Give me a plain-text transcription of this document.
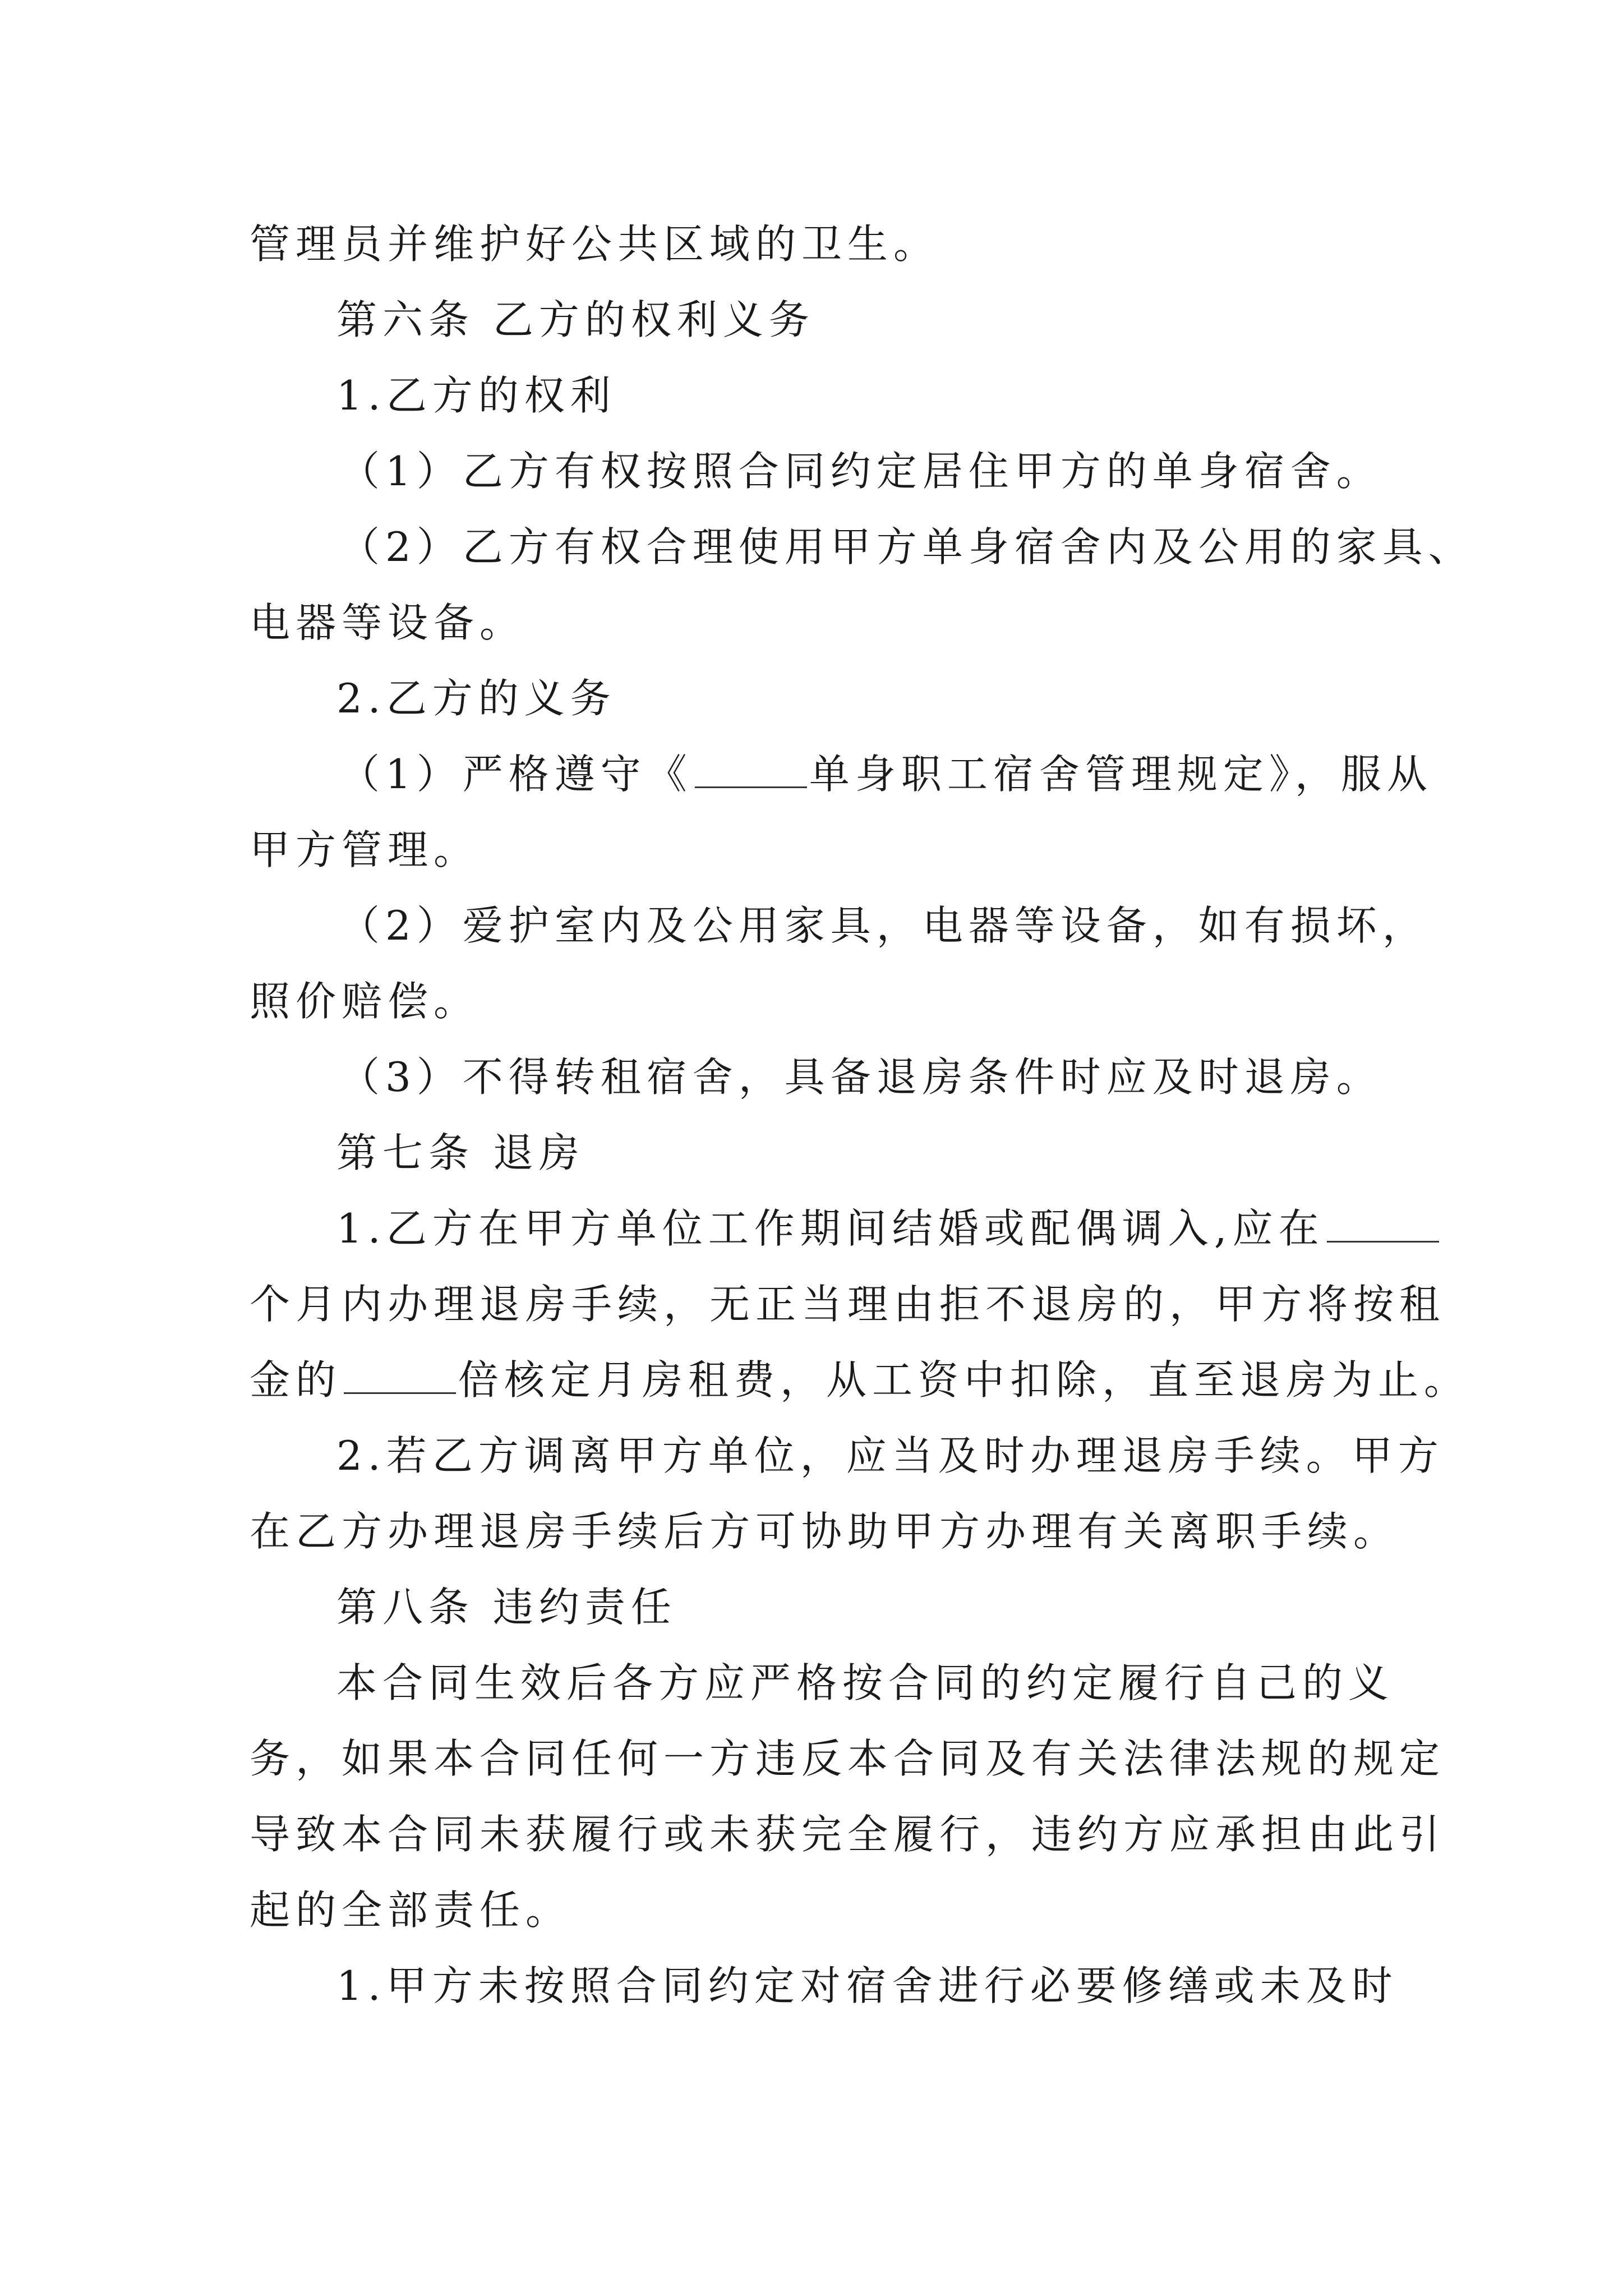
管理员并维护好公共区域的卫生。
第六条 乙方的权利义务
1.乙方的权利
（1）乙方有权按照合同约定居住甲方的单身宿舍。
（2）乙方有权合理使用甲方单身宿舍内及公用的家具、
电器等设备。
2.乙方的义务
（1）严格遵守《	单身职工宿舍管理规定》，服从
甲方管理。
（2）爱护室内及公用家具，电器等设备，如有损坏，
照价赔偿。
（3）不得转租宿舍，具备退房条件时应及时退房。
第七条 退房
1.乙方在甲方单位工作期间结婚或配偶调入,应在
个月内办理退房手续，无正当理由拒不退房的，甲方将按租
金的	倍核定月房租费，从工资中扣除，直至退房为止。
2.若乙方调离甲方单位，应当及时办理退房手续。甲方
在乙方办理退房手续后方可协助甲方办理有关离职手续。
第八条 违约责任
本合同生效后各方应严格按合同的约定履行自己的义
务，如果本合同任何一方违反本合同及有关法律法规的规定
导致本合同未获履行或未获完全履行，违约方应承担由此引
起的全部责任。
1.甲方未按照合同约定对宿舍进行必要修缮或未及时
